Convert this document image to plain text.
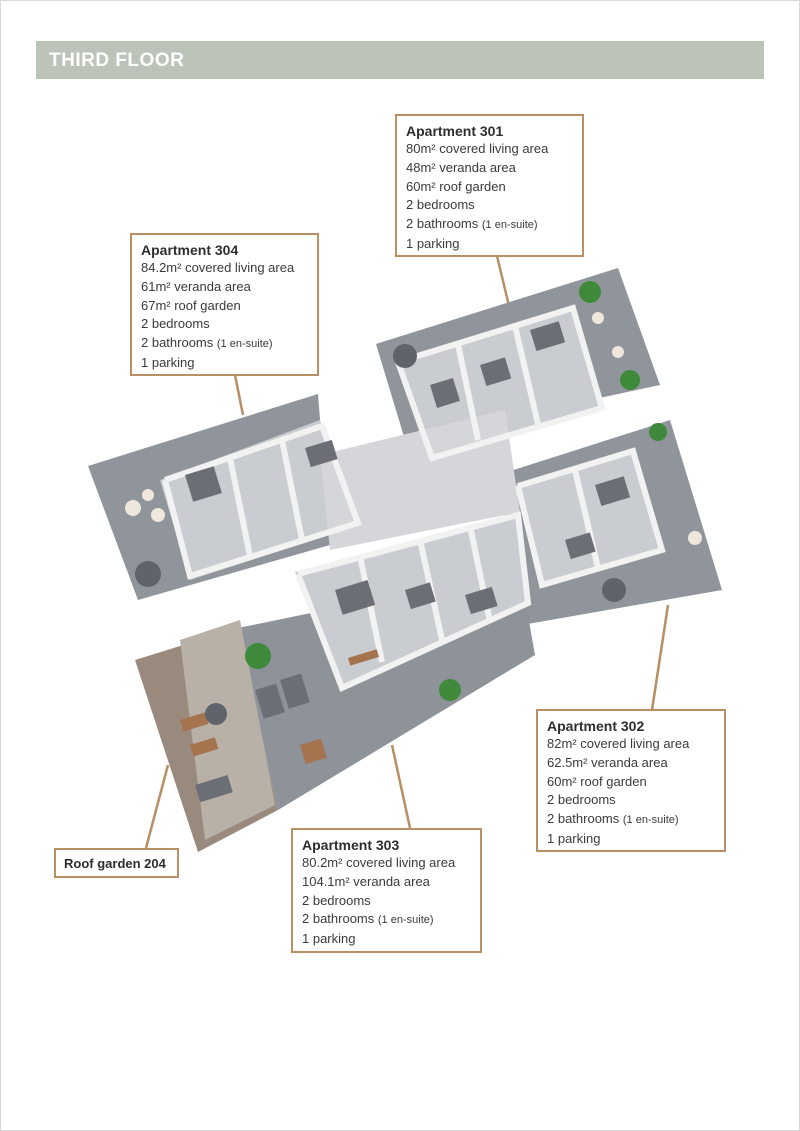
THIRD FLOOR
Apartment 301
80m² covered living area
48m² veranda area
60m² roof garden
2 bedrooms
2 bathrooms (1 en-suite)
1 parking
Apartment 304
84.2m² covered living area
61m² veranda area
67m² roof garden
2 bedrooms
2 bathrooms (1 en-suite)
1 parking
Apartment 302
82m² covered living area
62.5m² veranda area
60m² roof garden
2 bedrooms
2 bathrooms (1 en-suite)
1 parking
Apartment 303
80.2m² covered living area
104.1m² veranda area
2 bedrooms
2 bathrooms (1 en-suite)
1 parking
Roof garden 204
